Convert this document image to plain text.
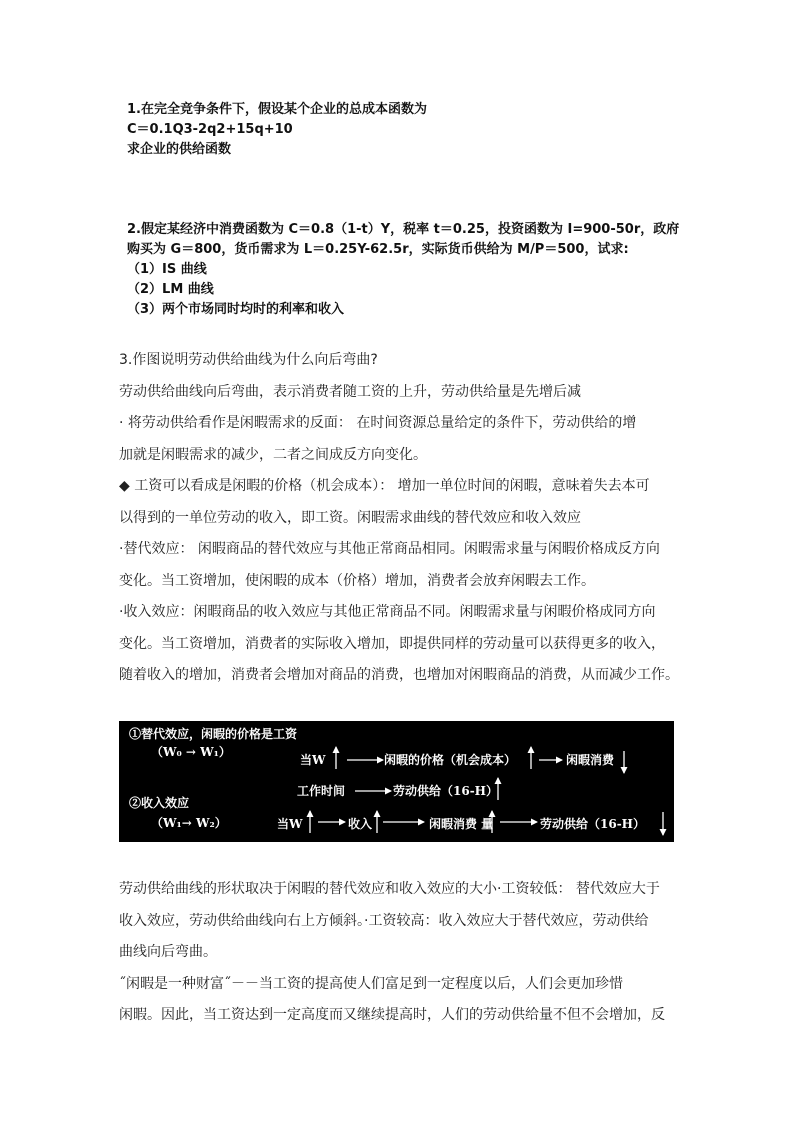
1.在完全竞争条件下，假设某个企业的总成本函数为
C＝0.1Q3-2q2+15q+10
求企业的供给函数
2.假定某经济中消费函数为 C＝0.8（1-t）Y，税率 t＝0.25，投资函数为 I=900-50r，政府
购买为 G＝800，货币需求为 L＝0.25Y-62.5r，实际货币供给为 M/P＝500，试求:
（1）IS 曲线
（2）LM 曲线
（3）两个市场同时均时的利率和收入
3.作图说明劳动供给曲线为什么向后弯曲?
劳动供给曲线向后弯曲，表示消费者随工资的上升，劳动供给量是先增后减
· 将劳动供给看作是闲暇需求的反面： 在时间资源总量给定的条件下，劳动供给的增
加就是闲暇需求的减少，二者之间成反方向变化。
◆ 工资可以看成是闲暇的价格（机会成本）： 增加一单位时间的闲暇，意味着失去本可
以得到的一单位劳动的收入，即工资。闲暇需求曲线的替代效应和收入效应
·替代效应： 闲暇商品的替代效应与其他正常商品相同。闲暇需求量与闲暇价格成反方向
变化。当工资增加，使闲暇的成本（价格）增加，消费者会放弃闲暇去工作。
·收入效应：闲暇商品的收入效应与其他正常商品不同。闲暇需求量与闲暇价格成同方向
变化。当工资增加，消费者的实际收入增加，即提供同样的劳动量可以获得更多的收入，
随着收入的增加，消费者会增加对商品的消费，也增加对闲暇商品的消费，从而减少工作。
①替代效应，闲暇的价格是工资
（W₀ → W₁）
当W	闲暇的价格（机会成本）	闲暇消费
工作时间	劳动供给（16-H）
②收入效应
（W₁→ W₂）	当W	收入	闲暇消费 量	劳动供给（16-H）
劳动供给曲线的形状取决于闲暇的替代效应和收入效应的大小·工资较低： 替代效应大于
收入效应，劳动供给曲线向右上方倾斜。·工资较高：收入效应大于替代效应，劳动供给
曲线向后弯曲。
˝闲暇是一种财富˝－－当工资的提高使人们富足到一定程度以后，人们会更加珍惜
闲暇。因此，当工资达到一定高度而又继续提高时，人们的劳动供给量不但不会增加，反
